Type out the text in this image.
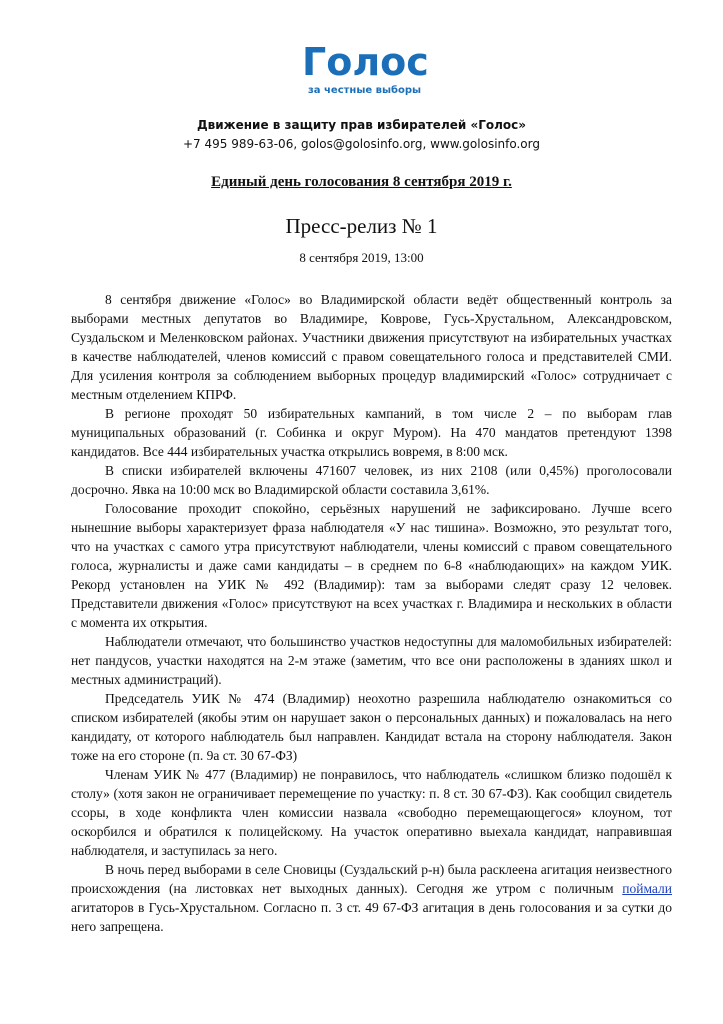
Голос
за честные выборы
Движение в защиту прав избирателей «Голос»
+7 495 989-63-06, golos@golosinfo.org, www.golosinfo.org
Единый день голосования 8 сентября 2019 г.
Пресс-релиз № 1
8 сентября 2019, 13:00

8 сентября движение «Голос» во Владимирской области ведёт общественный контроль за выборами местных депутатов во Владимире, Коврове, Гусь-Хрустальном, Александровском, Суздальском и Меленковском районах. Участники движения присутствуют на избирательных участках в качестве наблюдателей, членов комиссий с правом совещательного голоса и представителей СМИ. Для усиления контроля за соблюдением выборных процедур владимирский «Голос» сотрудничает с местным отделением КПРФ.

В регионе проходят 50 избирательных кампаний, в том числе 2 – по выборам глав муниципальных образований (г. Собинка и округ Муром). На 470 мандатов претендуют 1398 кандидатов. Все 444 избирательных участка открылись вовремя, в 8:00 мск.

В списки избирателей включены 471607 человек, из них 2108 (или 0,45%) проголосовали досрочно. Явка на 10:00 мск во Владимирской области составила 3,61%.

Голосование проходит спокойно, серьёзных нарушений не зафиксировано. Лучше всего нынешние выборы характеризует фраза наблюдателя «У нас тишина». Возможно, это результат того, что на участках с самого утра присутствуют наблюдатели, члены комиссий с правом совещательного голоса, журналисты и даже сами кандидаты – в среднем по 6-8 «наблюдающих» на каждом УИК. Рекорд установлен на УИК № 492 (Владимир): там за выборами следят сразу 12 человек. Представители движения «Голос» присутствуют на всех участках г. Владимира и нескольких в области с момента их открытия.

Наблюдатели отмечают, что большинство участков недоступны для маломобильных избирателей: нет пандусов, участки находятся на 2-м этаже (заметим, что все они расположены в зданиях школ и местных администраций).

Председатель УИК № 474 (Владимир) неохотно разрешила наблюдателю ознакомиться со списком избирателей (якобы этим он нарушает закон о персональных данных) и пожаловалась на него кандидату, от которого наблюдатель был направлен. Кандидат встала на сторону наблюдателя. Закон тоже на его стороне (п. 9а ст. 30 67-ФЗ)

Членам УИК № 477 (Владимир) не понравилось, что наблюдатель «слишком близко подошёл к столу» (хотя закон не ограничивает перемещение по участку: п. 8 ст. 30 67-ФЗ). Как сообщил свидетель ссоры, в ходе конфликта член комиссии назвала «свободно перемещающегося» клоуном, тот оскорбился и обратился к полицейскому. На участок оперативно выехала кандидат, направившая наблюдателя, и заступилась за него.

В ночь перед выборами в селе Сновицы (Суздальский р-н) была расклеена агитация неизвестного происхождения (на листовках нет выходных данных). Сегодня же утром с поличным поймали агитаторов в Гусь-Хрустальном. Согласно п. 3 ст. 49 67-ФЗ агитация в день голосования и за сутки до него запрещена.
